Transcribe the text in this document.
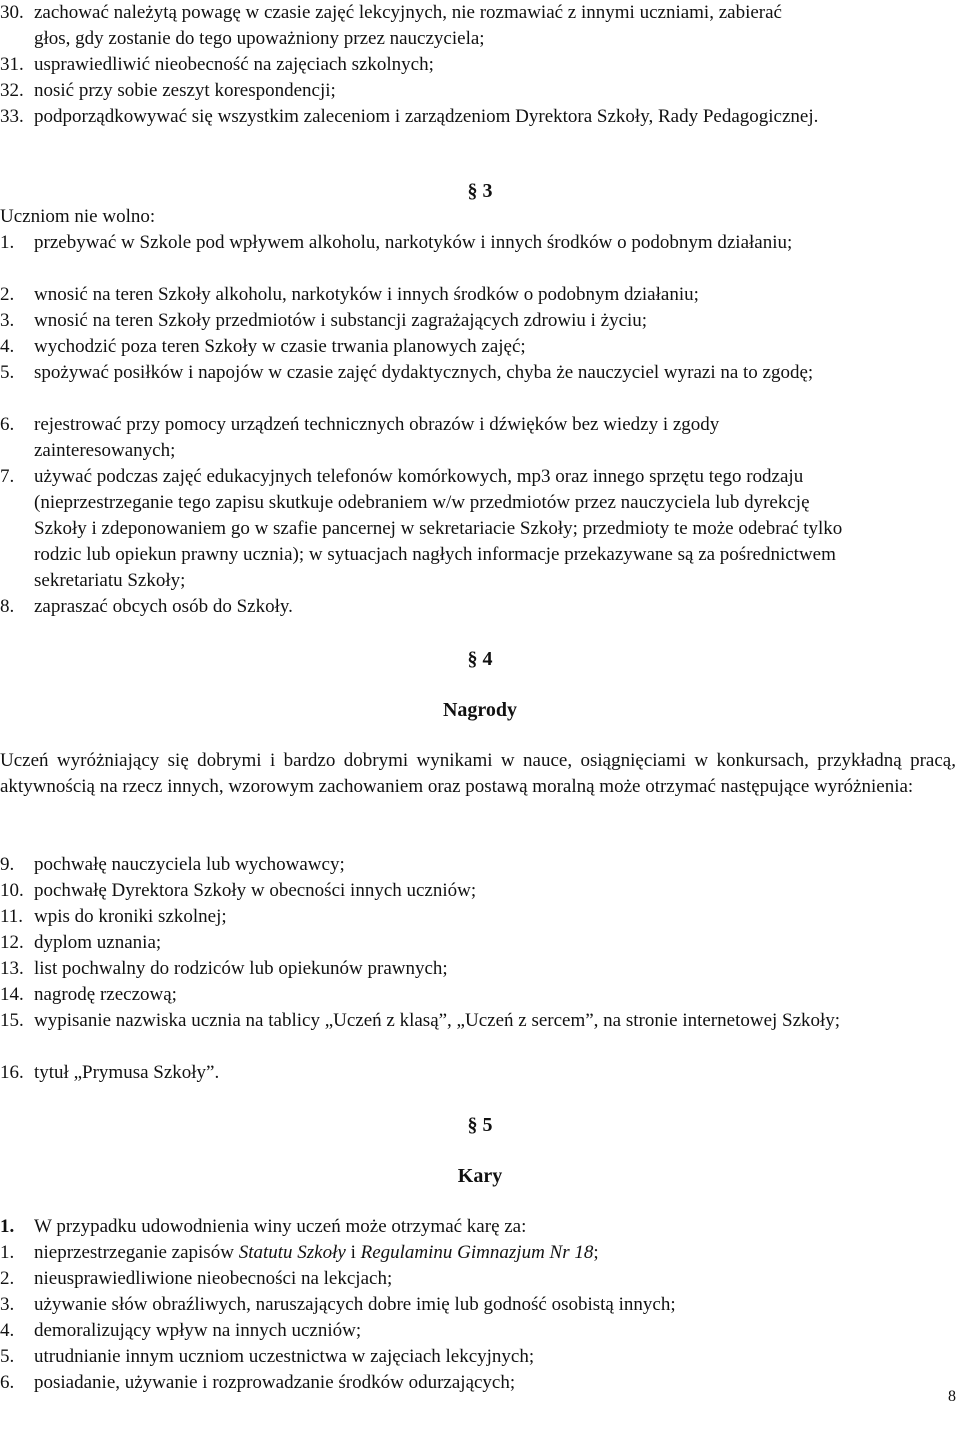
30. zachować należytą powagę w czasie zajęć lekcyjnych, nie rozmawiać z innymi uczniami, zabierać głos, gdy zostanie do tego upoważniony przez nauczyciela;
31. usprawiedliwić nieobecność na zajęciach szkolnych;
32. nosić przy sobie zeszyt korespondencji;
33. podporządkowywać się wszystkim zaleceniom i zarządzeniom Dyrektora Szkoły, Rady Pedagogicznej.
§ 3
Uczniom nie wolno:
1.	przebywać w Szkole pod wpływem alkoholu, narkotyków i innych środków o podobnym działaniu;
2.	wnosić na teren Szkoły alkoholu, narkotyków i innych środków o podobnym działaniu;
3.	wnosić na teren Szkoły przedmiotów i substancji zagrażających zdrowiu i życiu;
4.	wychodzić poza teren Szkoły w czasie trwania planowych zajęć;
5.	spożywać posiłków i napojów w czasie zajęć dydaktycznych, chyba że nauczyciel wyrazi na to zgodę;
6.	rejestrować przy pomocy urządzeń technicznych obrazów i dźwięków bez wiedzy i zgody zainteresowanych;
7.	używać podczas zajęć edukacyjnych telefonów komórkowych, mp3 oraz innego sprzętu tego rodzaju (nieprzestrzeganie tego zapisu skutkuje odebraniem w/w przedmiotów przez nauczyciela lub dyrekcję Szkoły i zdeponowaniem go w szafie pancernej w sekretariacie Szkoły; przedmioty te może odebrać tylko rodzic lub opiekun prawny ucznia); w sytuacjach nagłych informacje przekazywane są za pośrednictwem sekretariatu Szkoły;
8.	zapraszać obcych osób do Szkoły.
§ 4
Nagrody
Uczeń wyróżniający się dobrymi i bardzo dobrymi wynikami w nauce, osiągnięciami w konkursach, przykładną pracą, aktywnością na rzecz innych, wzorowym zachowaniem oraz postawą moralną może otrzymać następujące wyróżnienia:
9.	pochwałę nauczyciela lub wychowawcy;
10. pochwałę Dyrektora Szkoły w obecności innych uczniów;
11. wpis do kroniki szkolnej;
12. dyplom uznania;
13. list pochwalny do rodziców lub opiekunów prawnych;
14. nagrodę rzeczową;
15. wypisanie nazwiska ucznia na tablicy „Uczeń z klasą”, „Uczeń z sercem”, na stronie internetowej Szkoły;
16. tytuł „Prymusa Szkoły”.
§ 5
Kary
1.	W przypadku udowodnienia winy uczeń może otrzymać karę za:
1.	nieprzestrzeganie zapisów Statutu Szkoły i Regulaminu Gimnazjum Nr 18;
2.	nieusprawiedliwione nieobecności na lekcjach;
3.	używanie słów obraźliwych, naruszających dobre imię lub godność osobistą innych;
4.	demoralizujący wpływ na innych uczniów;
5.	utrudnianie innym uczniom uczestnictwa w zajęciach lekcyjnych;
6.	posiadanie, używanie i rozprowadzanie środków odurzających;
8
